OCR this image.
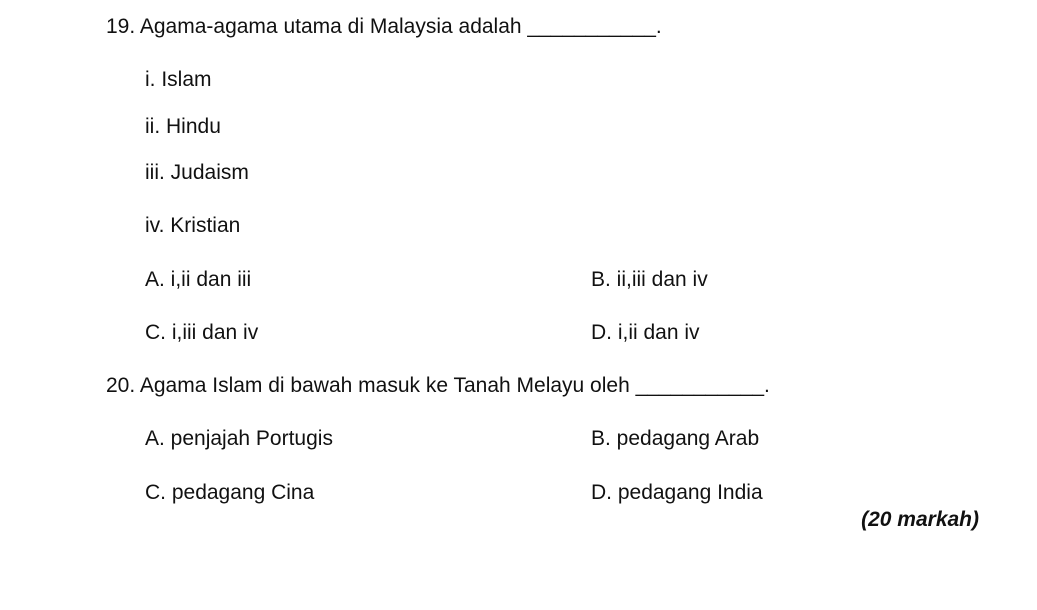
19. Agama-agama utama di Malaysia adalah ___________.
i. Islam
ii. Hindu
iii. Judaism
iv. Kristian
A. i,ii dan iii	B. ii,iii dan iv
C. i,iii dan iv	D. i,ii dan iv
20. Agama Islam di bawah masuk ke Tanah Melayu oleh ___________.
A. penjajah Portugis	B. pedagang Arab
C. pedagang Cina	D. pedagang India
(20 markah)
